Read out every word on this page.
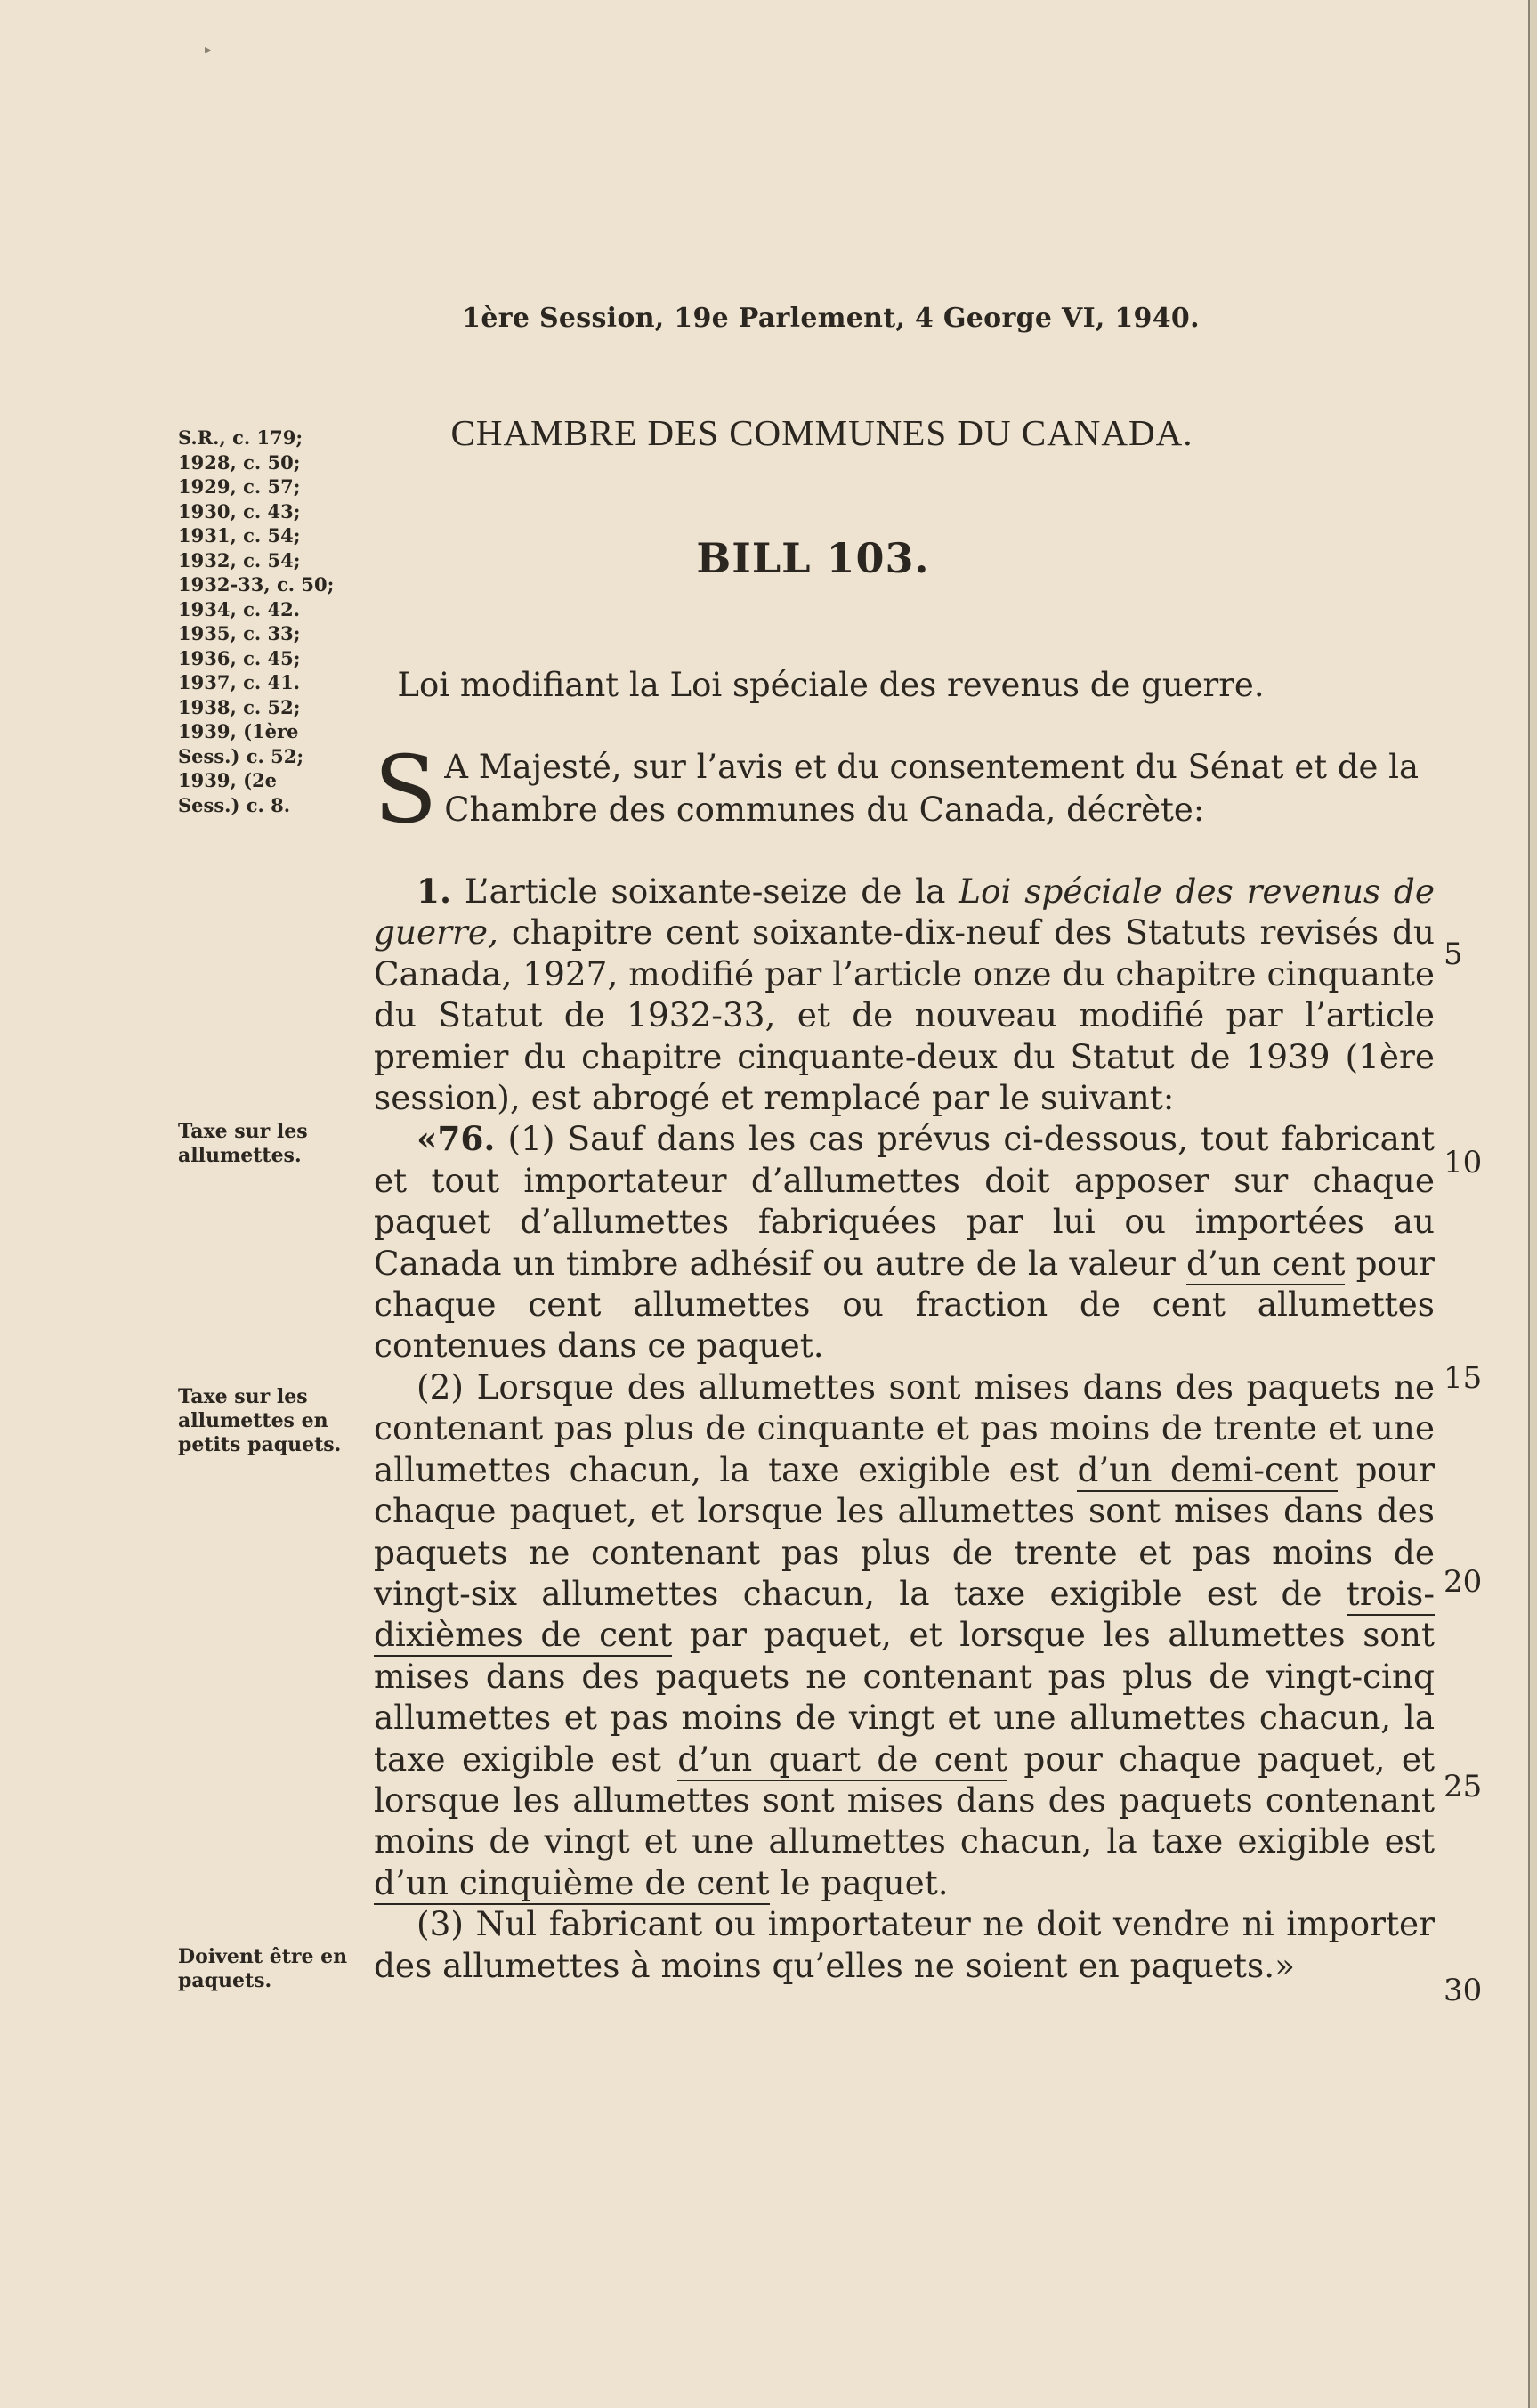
▸
1ère Session, 19e Parlement, 4 George VI, 1940.
CHAMBRE DES COMMUNES DU CANADA.
BILL 103.
Loi modifiant la Loi spéciale des revenus de guerre.
S.R., c. 179;
1928, c. 50;
1929, c. 57;
1930, c. 43;
1931, c. 54;
1932, c. 54;
1932-33, c. 50;
1934, c. 42.
1935, c. 33;
1936, c. 45;
1937, c. 41.
1938, c. 52;
1939, (1ère
Sess.) c. 52;
1939, (2e
Sess.) c. 8.
Taxe sur les allumettes.
Taxe sur les allumettes en petits paquets.
Doivent être en paquets.
S A Majesté, sur l’avis et du consentement du Sénat et de la Chambre des communes du Canada, décrète:

1. L’article soixante-seize de la Loi spéciale des revenus de guerre, chapitre cent soixante-dix-neuf des Statuts revisés du Canada, 1927, modifié par l’article onze du chapitre cinquante du Statut de 1932-33, et de nouveau modifié par l’article premier du chapitre cinquante-deux du Statut de 1939 (1ère session), est abrogé et remplacé par le suivant:

«76. (1) Sauf dans les cas prévus ci-dessous, tout fabricant et tout importateur d’allumettes doit apposer sur chaque paquet d’allumettes fabriquées par lui ou importées au Canada un timbre adhésif ou autre de la valeur d’un cent pour chaque cent allumettes ou fraction de cent allumettes contenues dans ce paquet.

(2) Lorsque des allumettes sont mises dans des paquets ne contenant pas plus de cinquante et pas moins de trente et une allumettes chacun, la taxe exigible est d’un demi-cent pour chaque paquet, et lorsque les allumettes sont mises dans des paquets ne contenant pas plus de trente et pas moins de vingt-six allumettes chacun, la taxe exigible est de trois-dixièmes de cent par paquet, et lorsque les allumettes sont mises dans des paquets ne contenant pas plus de vingt-cinq allumettes et pas moins de vingt et une allumettes chacun, la taxe exigible est d’un quart de cent pour chaque paquet, et lorsque les allumettes sont mises dans des paquets contenant moins de vingt et une allumettes chacun, la taxe exigible est d’un cinquième de cent le paquet.

(3) Nul fabricant ou importateur ne doit vendre ni importer des allumettes à moins qu’elles ne soient en paquets.»

5
10
15
20
25
30
